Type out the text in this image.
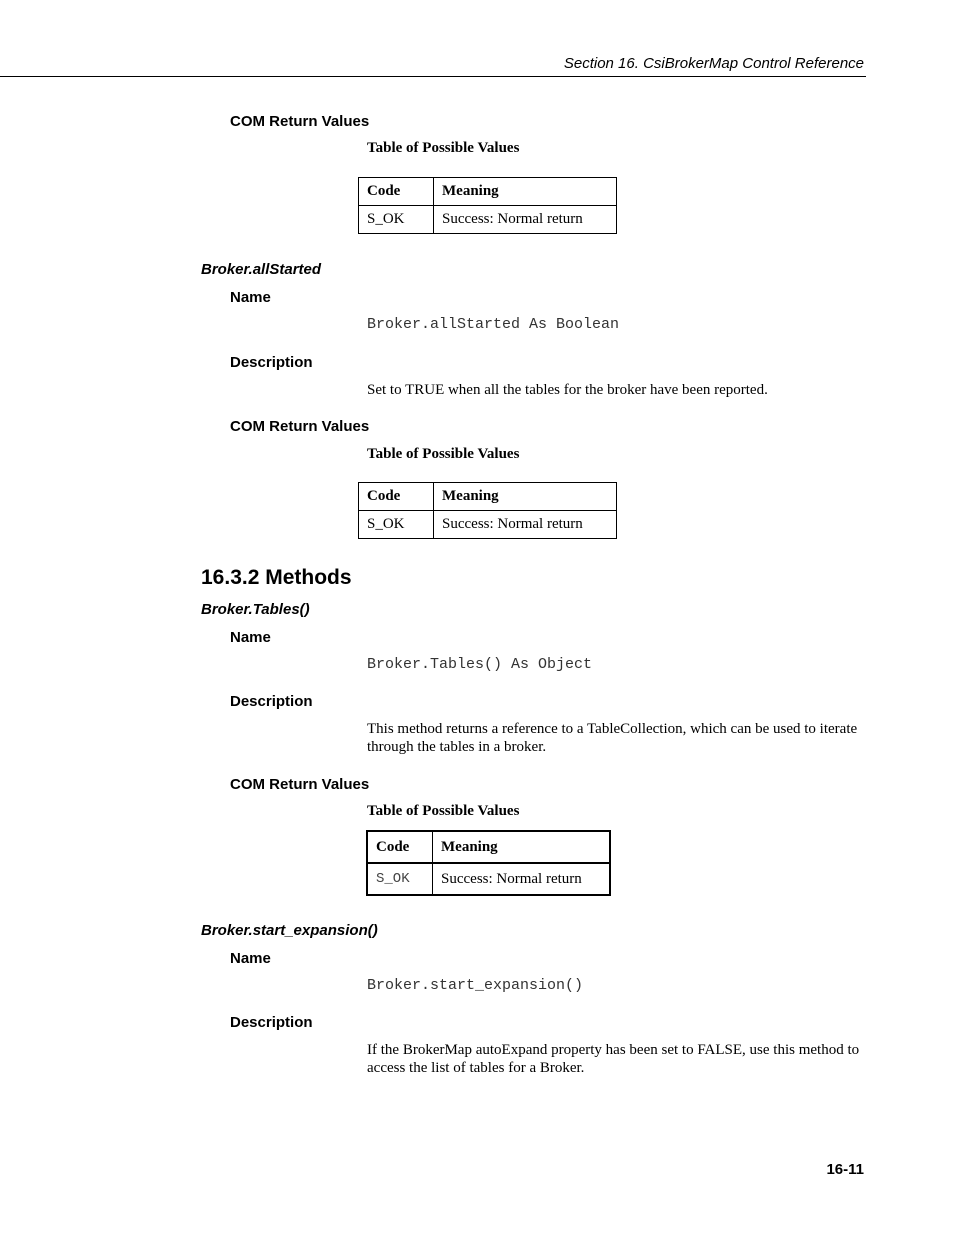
Section 16. CsiBrokerMap Control Reference
COM Return Values
Table of Possible Values
Code	Meaning
S_OK	Success: Normal return
Broker.allStarted
Name
Broker.allStarted As Boolean
Description
Set to TRUE when all the tables for the broker have been reported.
COM Return Values
Table of Possible Values
Code	Meaning
S_OK	Success: Normal return
16.3.2 Methods
Broker.Tables()
Name
Broker.Tables() As Object
Description
This method returns a reference to a TableCollection, which can be used to iterate through the tables in a broker.
COM Return Values
Table of Possible Values
Code	Meaning
S_OK	Success: Normal return
Broker.start_expansion()
Name
Broker.start_expansion()
Description
If the BrokerMap autoExpand property has been set to FALSE, use this method to access the list of tables for a Broker.
16-11
